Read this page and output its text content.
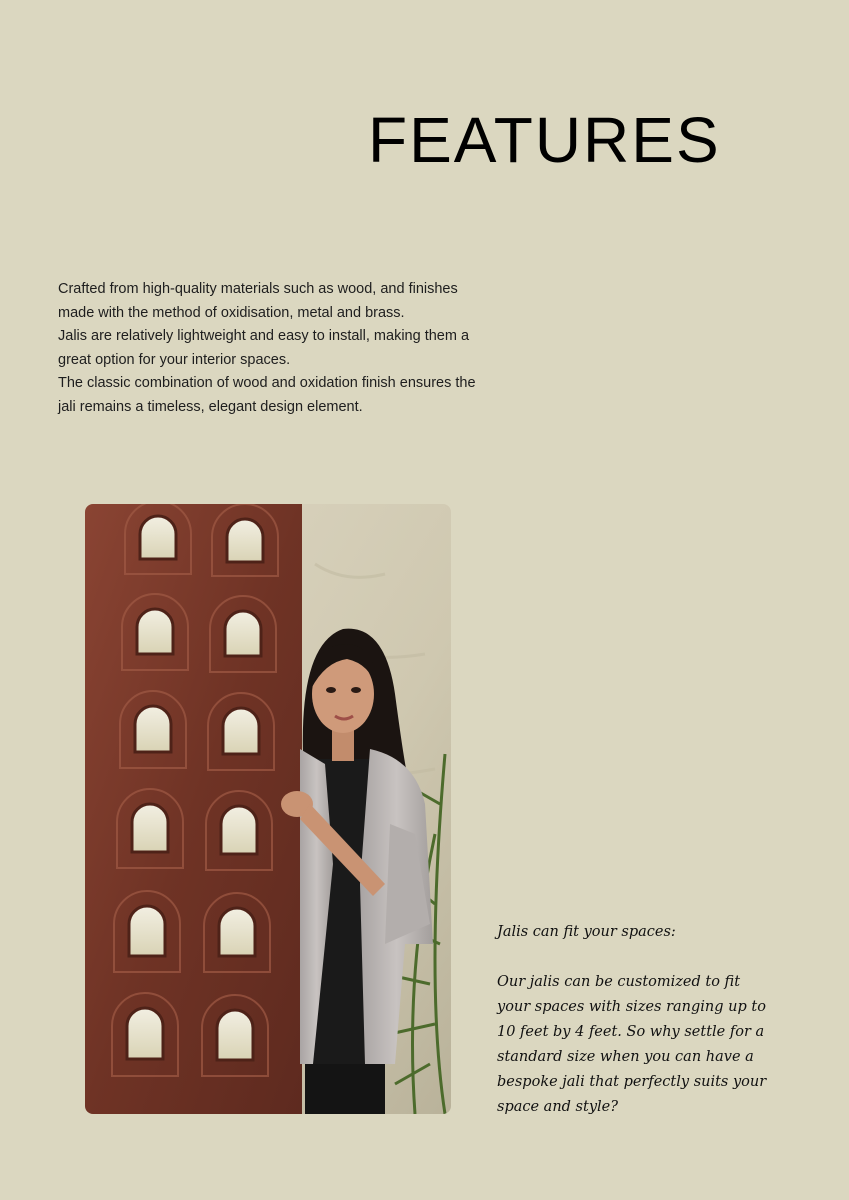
FEATURES

Crafted from high-quality materials such as wood, and finishes made with the method of oxidisation, metal and brass.

Jalis are relatively lightweight and easy to install, making them a great option for your interior spaces.

The classic combination of wood and oxidation finish ensures the jali remains a timeless, elegant design element.

Jalis can fit your spaces:

Our jalis can be customized to fit your spaces with sizes ranging up to 10 feet by 4 feet. So why settle for a standard size when you can have a bespoke jali that perfectly suits your space and style?
